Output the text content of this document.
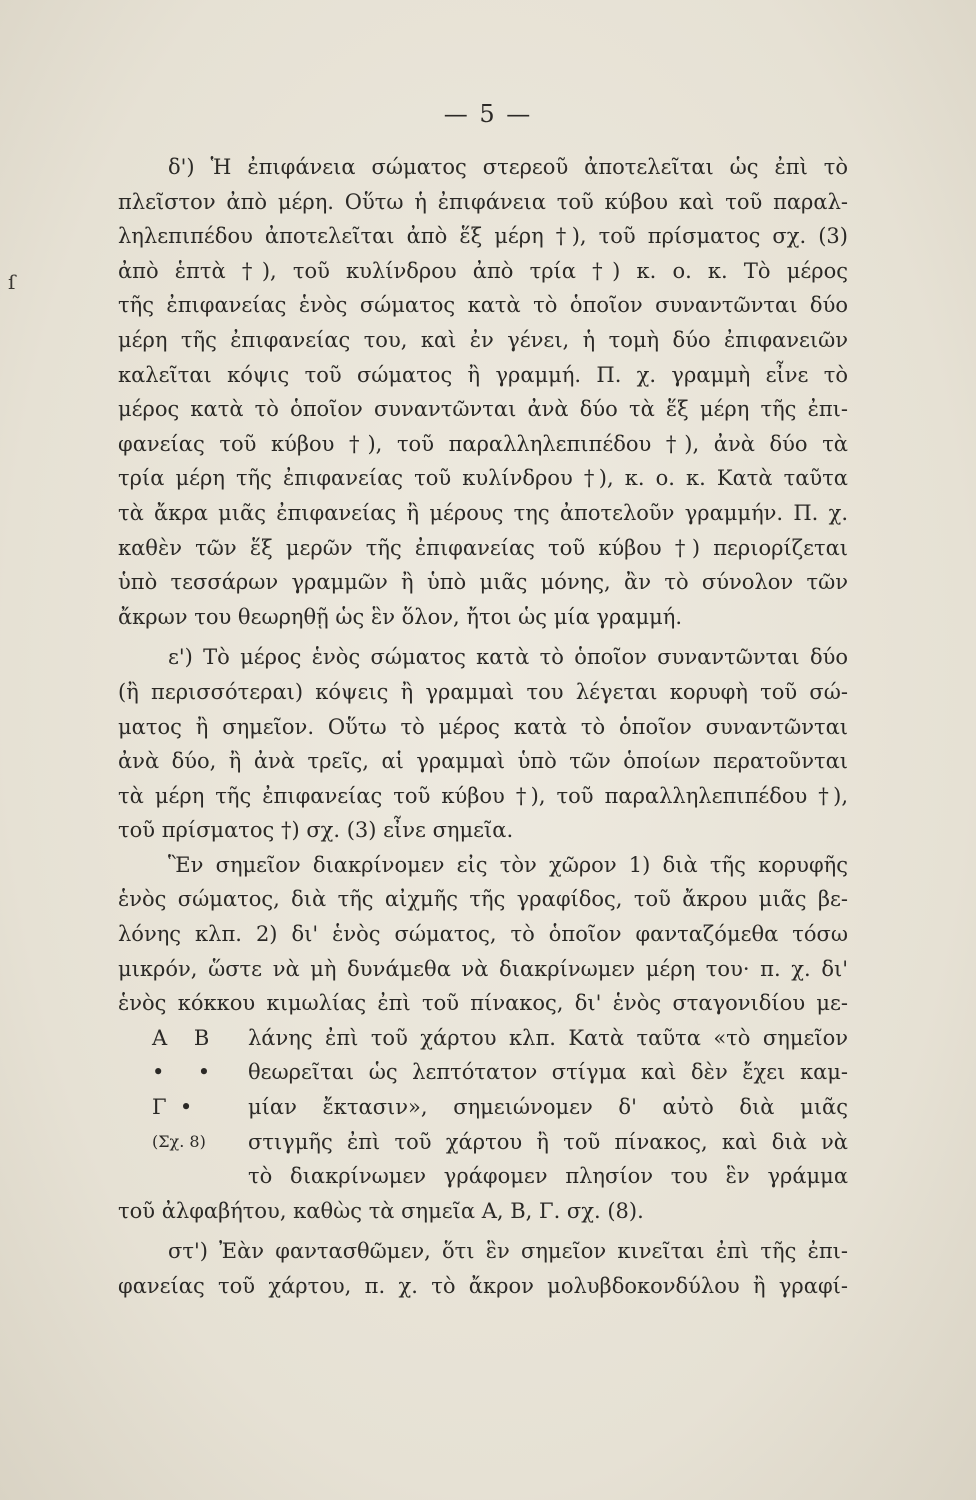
— 5 —
ſ
δ') Ἡ ἐπιφάνεια σώματος στερεοῦ ἀποτελεῖται ὡς ἐπὶ τὸ
πλεῖστον ἀπὸ μέρη. Οὕτω ἡ ἐπιφάνεια τοῦ κύβου καὶ τοῦ παραλ-
ληλεπιπέδου ἀποτελεῖται ἀπὸ ἕξ μέρη †), τοῦ πρίσματος σχ. (3)
ἀπὸ ἑπτὰ †), τοῦ κυλίνδρου ἀπὸ τρία †) κ. ο. κ. Τὸ μέρος
τῆς ἐπιφανείας ἑνὸς σώματος κατὰ τὸ ὁποῖον συναντῶνται δύο
μέρη τῆς ἐπιφανείας του, καὶ ἐν γένει, ἡ τομὴ δύο ἐπιφανειῶν
καλεῖται κόψις τοῦ σώματος ἢ γραμμή. Π. χ. γραμμὴ εἶνε τὸ
μέρος κατὰ τὸ ὁποῖον συναντῶνται ἀνὰ δύο τὰ ἕξ μέρη τῆς ἐπι-
φανείας τοῦ κύβου †), τοῦ παραλληλεπιπέδου †), ἀνὰ δύο τὰ
τρία μέρη τῆς ἐπιφανείας τοῦ κυλίνδρου †), κ. ο. κ. Κατὰ ταῦτα
τὰ ἄκρα μιᾶς ἐπιφανείας ἢ μέρους της ἀποτελοῦν γραμμήν. Π. χ.
καθὲν τῶν ἕξ μερῶν τῆς ἐπιφανείας τοῦ κύβου †) περιορίζεται
ὑπὸ τεσσάρων γραμμῶν ἢ ὑπὸ μιᾶς μόνης, ἂν τὸ σύνολον τῶν
ἄκρων του θεωρηθῇ ὡς ἓν ὅλον, ἤτοι ὡς μία γραμμή.
ε') Τὸ μέρος ἑνὸς σώματος κατὰ τὸ ὁποῖον συναντῶνται δύο
(ἢ περισσότεραι) κόψεις ἢ γραμμαὶ του λέγεται κορυφὴ τοῦ σώ-
ματος ἢ σημεῖον. Οὕτω τὸ μέρος κατὰ τὸ ὁποῖον συναντῶνται
ἀνὰ δύο, ἢ ἀνὰ τρεῖς, αἱ γραμμαὶ ὑπὸ τῶν ὁποίων περατοῦνται
τὰ μέρη τῆς ἐπιφανείας τοῦ κύβου †), τοῦ παραλληλεπιπέδου †),
τοῦ πρίσματος †) σχ. (3) εἶνε σημεῖα.
Ἓν σημεῖον διακρίνομεν εἰς τὸν χῶρον 1) διὰ τῆς κορυφῆς
ἑνὸς σώματος, διὰ τῆς αἰχμῆς τῆς γραφίδος, τοῦ ἄκρου μιᾶς βε-
λόνης κλπ. 2) δι' ἑνὸς σώματος, τὸ ὁποῖον φανταζόμεθα τόσω
μικρόν, ὥστε νὰ μὴ δυνάμεθα νὰ διακρίνωμεν μέρη του· π. χ. δι'
ἑνὸς κόκκου κιμωλίας ἐπὶ τοῦ πίνακος, δι' ἑνὸς σταγονιδίου με-
Α    Β	λάνης ἐπὶ τοῦ χάρτου κλπ. Κατὰ ταῦτα «τὸ σημεῖον
•     •	θεωρεῖται ὡς λεπτότατον στίγμα καὶ δὲν ἔχει καμ-
Γ  •	μίαν ἔκτασιν», σημειώνομεν δ' αὐτὸ διὰ μιᾶς
(Σχ. 8)	στιγμῆς ἐπὶ τοῦ χάρτου ἢ τοῦ πίνακος, καὶ διὰ νὰ
τὸ διακρίνωμεν γράφομεν πλησίον του ἓν γράμμα
τοῦ ἀλφαβήτου, καθὼς τὰ σημεῖα Α, Β, Γ. σχ. (8).
στ') Ἐὰν φαντασθῶμεν, ὅτι ἓν σημεῖον κινεῖται ἐπὶ τῆς ἐπι-
φανείας τοῦ χάρτου, π. χ. τὸ ἄκρον μολυβδοκονδύλου ἢ γραφί-
